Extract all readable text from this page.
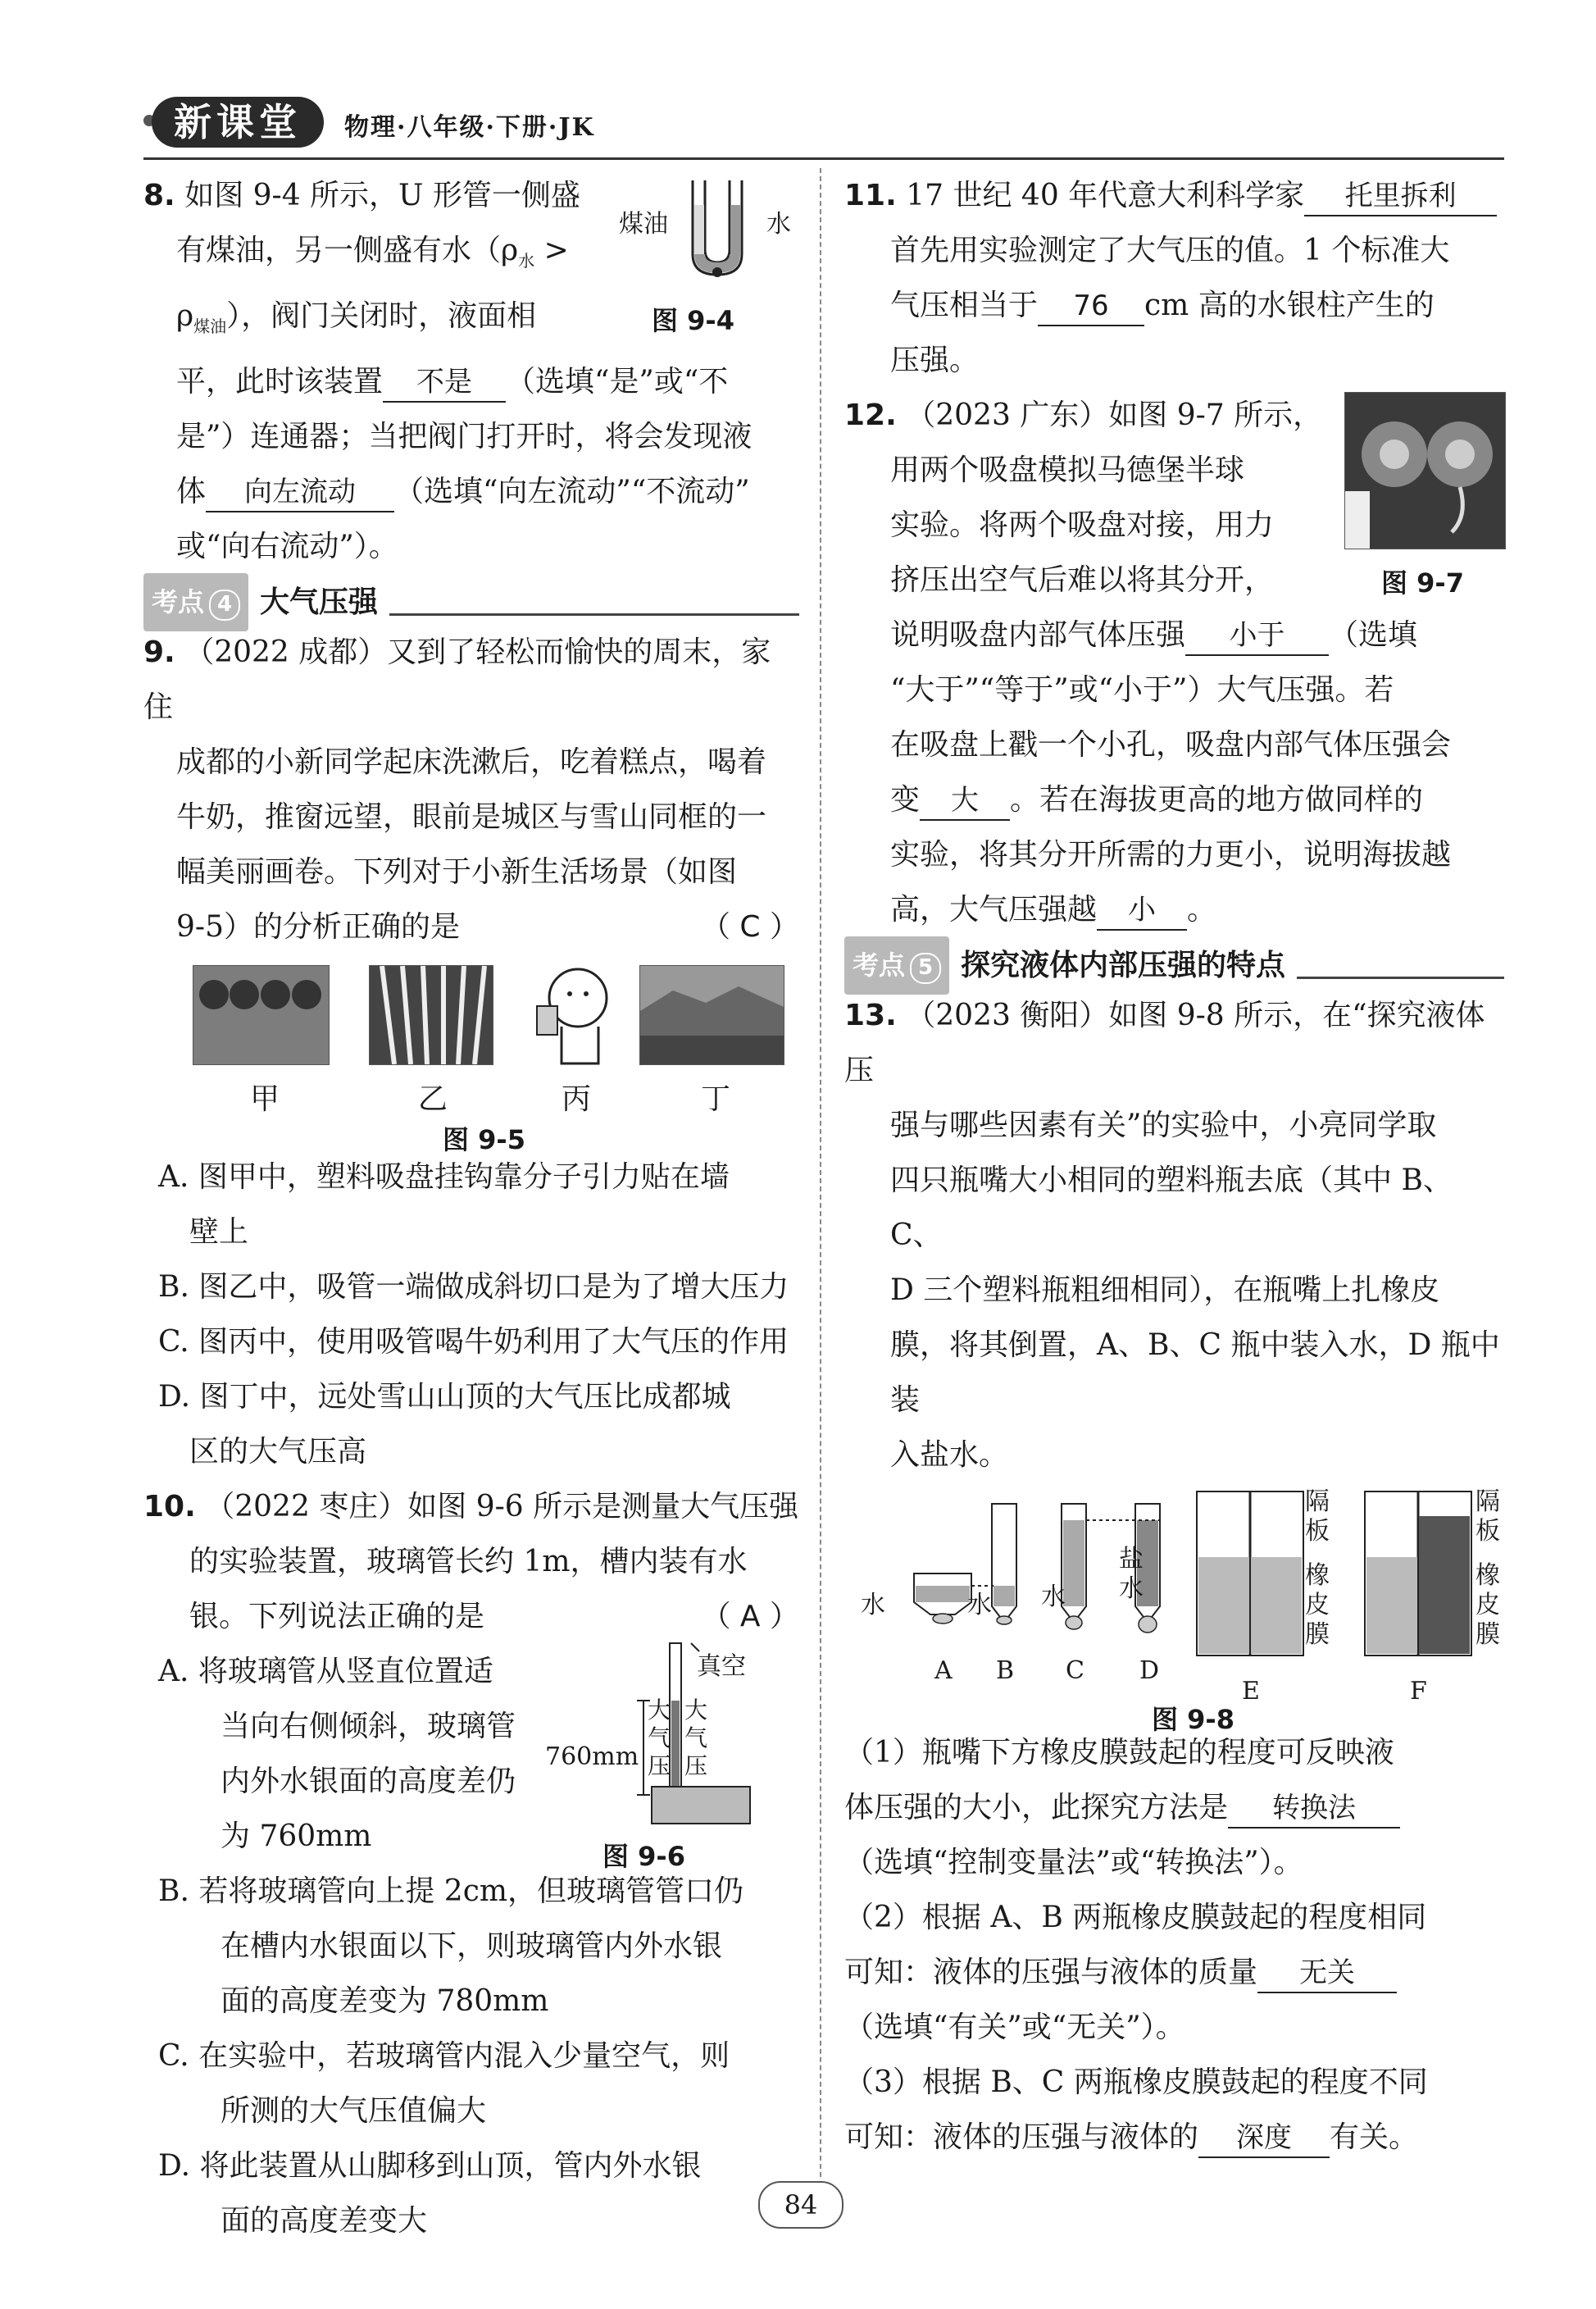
新课堂	物理·八年级·下册·JK

8. 如图 9-4 所示，U 形管一侧盛

有煤油，另一侧盛有水（$\rho_水$ >

$\rho_{煤油}$），阀门关闭时，液面相

平，此时该装置 不是 （选填“是”或“不

是”）连通器；当把阀门打开时，将会发现液

体 向左流动 （选填“向左流动”“不流动”

或“向右流动”）。

煤油	水
图 9-4
考点 4 大气压强

9. （2022 成都）又到了轻松而愉快的周末，家住

成都的小新同学起床洗漱后，吃着糕点，喝着

牛奶，推窗远望，眼前是城区与雪山同框的一

幅美丽画卷。下列对于小新生活场景（如图

9-5）的分析正确的是	（ C ）

甲	乙	丙	丁
图 9-5

A. 图甲中，塑料吸盘挂钩靠分子引力贴在墙
壁上

B. 图乙中，吸管一端做成斜切口是为了增大压力

C. 图丙中，使用吸管喝牛奶利用了大气压的作用

D. 图丁中，远处雪山山顶的大气压比成都城
区的大气压高

10. （2022 枣庄）如图 9-6 所示是测量大气压强

的实验装置，玻璃管长约 1m，槽内装有水

银。下列说法正确的是	（ A ）

A. 将玻璃管从竖直位置适
当向右侧倾斜，玻璃管
内外水银面的高度差仍
为 760mm

B. 若将玻璃管向上提 2cm，但玻璃管管口仍
在槽内水银面以下，则玻璃管内外水银
面的高度差变为 780mm

C. 在实验中，若玻璃管内混入少量空气，则
所测的大气压值偏大

D. 将此装置从山脚移到山顶，管内外水银
面的高度差变大

真空
760mm
大
气
压
大
气
压
图 9-6

11. 17 世纪 40 年代意大利科学家 托里拆利

首先用实验测定了大气压的值。1 个标准大

气压相当于 76 cm 高的水银柱产生的

压强。

12. （2023 广东）如图 9-7 所示，

用两个吸盘模拟马德堡半球

实验。将两个吸盘对接，用力

挤压出空气后难以将其分开，

说明吸盘内部气体压强 小于 （选填

“大于”“等于”或“小于”）大气压强。若

在吸盘上戳一个小孔，吸盘内部气体压强会

变 大 。若在海拔更高的地方做同样的

实验，将其分开所需的力更小，说明海拔越

高，大气压强越 小 。

图 9-7
考点 5 探究液体内部压强的特点

13. （2023 衡阳）如图 9-8 所示，在“探究液体压

强与哪些因素有关”的实验中，小亮同学取

四只瓶嘴大小相同的塑料瓶去底（其中 B、C、

D 三个塑料瓶粗细相同），在瓶嘴上扎橡皮

膜，将其倒置，A、B、C 瓶中装入水，D 瓶中装

入盐水。

水	水 水
盐
水
隔
板
橡
皮
膜
隔
板
橡
皮
膜
A B C D
E	F
图 9-8

（1）瓶嘴下方橡皮膜鼓起的程度可反映液

体压强的大小，此探究方法是 转换法

（选填“控制变量法”或“转换法”）。

（2）根据 A、B 两瓶橡皮膜鼓起的程度相同

可知：液体的压强与液体的质量 无关

（选填“有关”或“无关”）。

（3）根据 B、C 两瓶橡皮膜鼓起的程度不同

可知：液体的压强与液体的 深度 有关。

84
